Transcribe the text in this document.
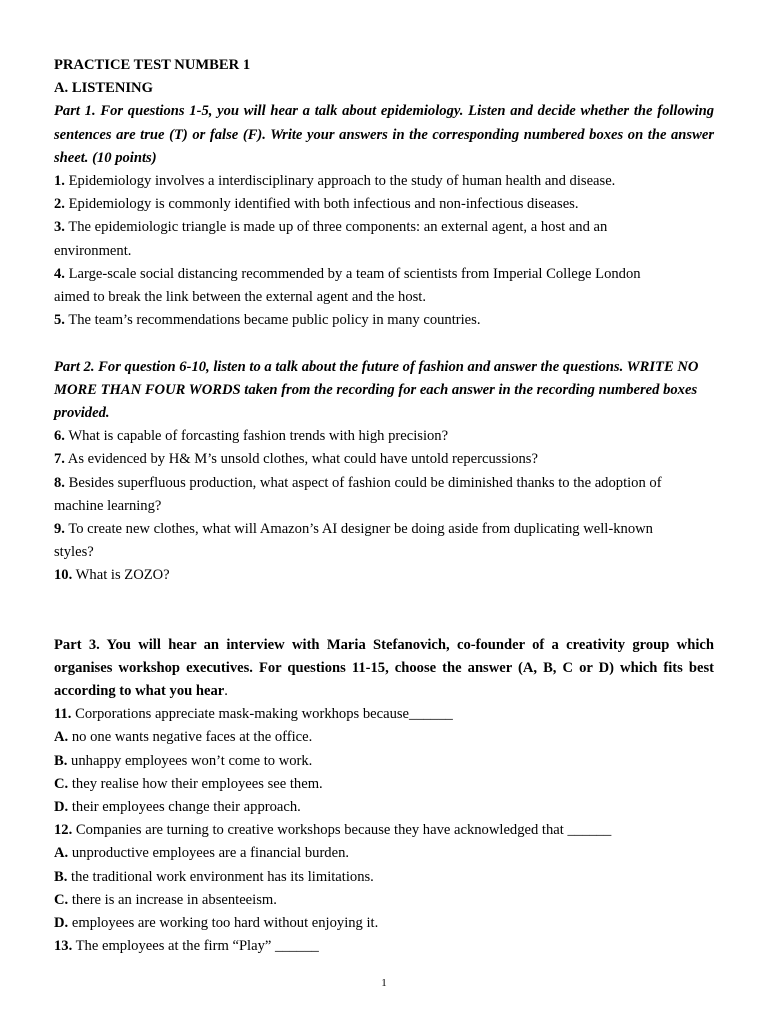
PRACTICE TEST NUMBER 1

A. LISTENING

Part 1. For questions 1-5, you will hear a talk about epidemiology. Listen and decide whether the following sentences are true (T) or false (F). Write your answers in the corresponding numbered boxes on the answer sheet. (10 points)

1. Epidemiology involves a interdisciplinary approach to the study of human health and disease.

2. Epidemiology is commonly identified with both infectious and non-infectious diseases.

3. The epidemiologic triangle is made up of three components: an external agent, a host and an environment.

4. Large-scale social distancing recommended by a team of scientists from Imperial College London aimed to break the link between the external agent and the host.

5. The team’s recommendations became public policy in many countries.

Part 2. For question 6-10, listen to a talk about the future of fashion and answer the questions. WRITE NO MORE THAN FOUR WORDS taken from the recording for each answer in the recording numbered boxes provided.

6. What is capable of forcasting fashion trends with high precision?

7. As evidenced by H& M’s unsold clothes, what could have untold repercussions?

8. Besides superfluous production, what aspect of fashion could be diminished thanks to the adoption of machine learning?

9. To create new clothes, what will Amazon’s AI designer be doing aside from duplicating well-known styles?

10. What is ZOZO?

Part 3. You will hear an interview with Maria Stefanovich, co-founder of a creativity group which organises workshop executives. For questions 11-15, choose the answer (A, B, C or D) which fits best according to what you hear.

11. Corporations appreciate mask-making workhops because______

A. no one wants negative faces at the office.

B. unhappy employees won’t come to work.

C. they realise how their employees see them.

D. their employees change their approach.

12. Companies are turning to creative workshops because they have acknowledged that ______

A. unproductive employees are a financial burden.

B. the traditional work environment has its limitations.

C. there is an increase in absenteeism.

D. employees are working too hard without enjoying it.

13. The employees at the firm “Play” ______

1
